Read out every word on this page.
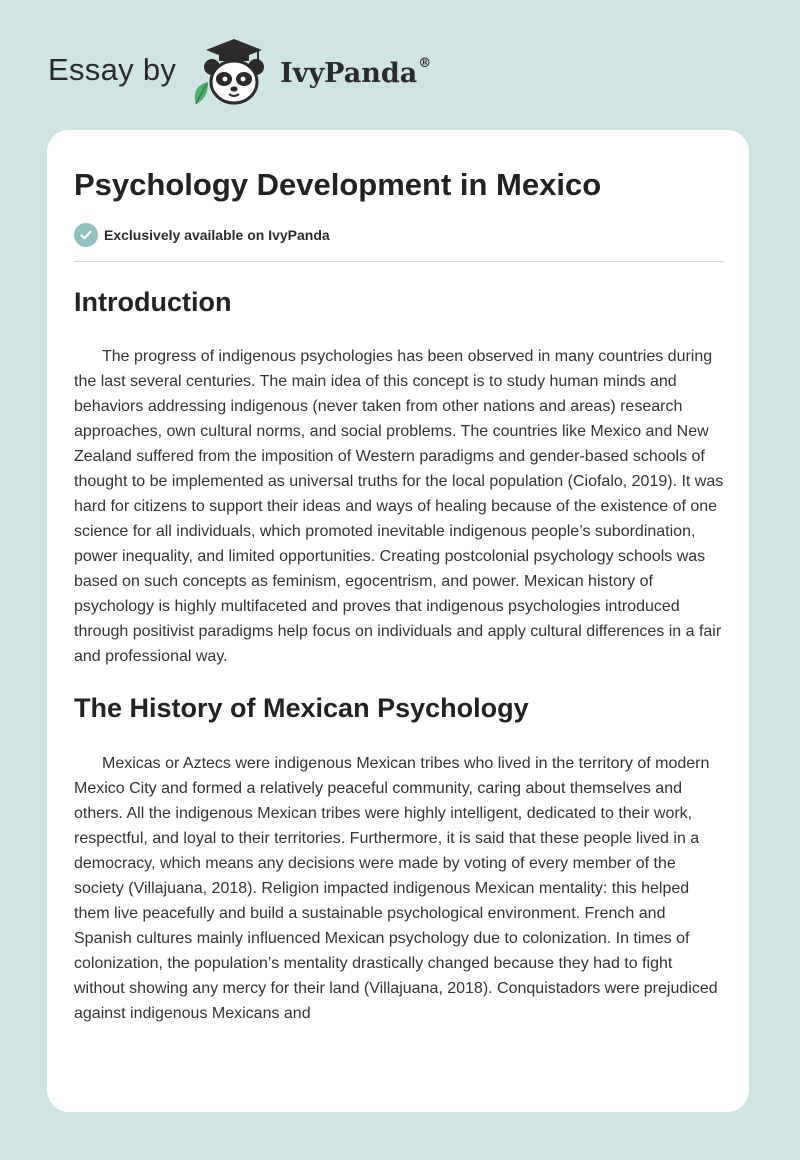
Essay by	IvyPanda®
Psychology Development in Mexico
Exclusively available on IvyPanda
Introduction

The progress of indigenous psychologies has been observed in many countries during the last several centuries. The main idea of this concept is to study human minds and behaviors addressing indigenous (never taken from other nations and areas) research approaches, own cultural norms, and social problems. The countries like Mexico and New Zealand suffered from the imposition of Western paradigms and gender-based schools of thought to be implemented as universal truths for the local population (Ciofalo, 2019). It was hard for citizens to support their ideas and ways of healing because of the existence of one science for all individuals, which promoted inevitable indigenous people’s subordination, power inequality, and limited opportunities. Creating postcolonial psychology schools was based on such concepts as feminism, egocentrism, and power. Mexican history of psychology is highly multifaceted and proves that indigenous psychologies introduced through positivist paradigms help focus on individuals and apply cultural differences in a fair and professional way.

The History of Mexican Psychology

Mexicas or Aztecs were indigenous Mexican tribes who lived in the territory of modern Mexico City and formed a relatively peaceful community, caring about themselves and others. All the indigenous Mexican tribes were highly intelligent, dedicated to their work, respectful, and loyal to their territories. Furthermore, it is said that these people lived in a democracy, which means any decisions were made by voting of every member of the society (Villajuana, 2018). Religion impacted indigenous Mexican mentality: this helped them live peacefully and build a sustainable psychological environment. French and Spanish cultures mainly influenced Mexican psychology due to colonization. In times of colonization, the population’s mentality drastically changed because they had to fight without showing any mercy for their land (Villajuana, 2018). Conquistadors were prejudiced against indigenous Mexicans and
